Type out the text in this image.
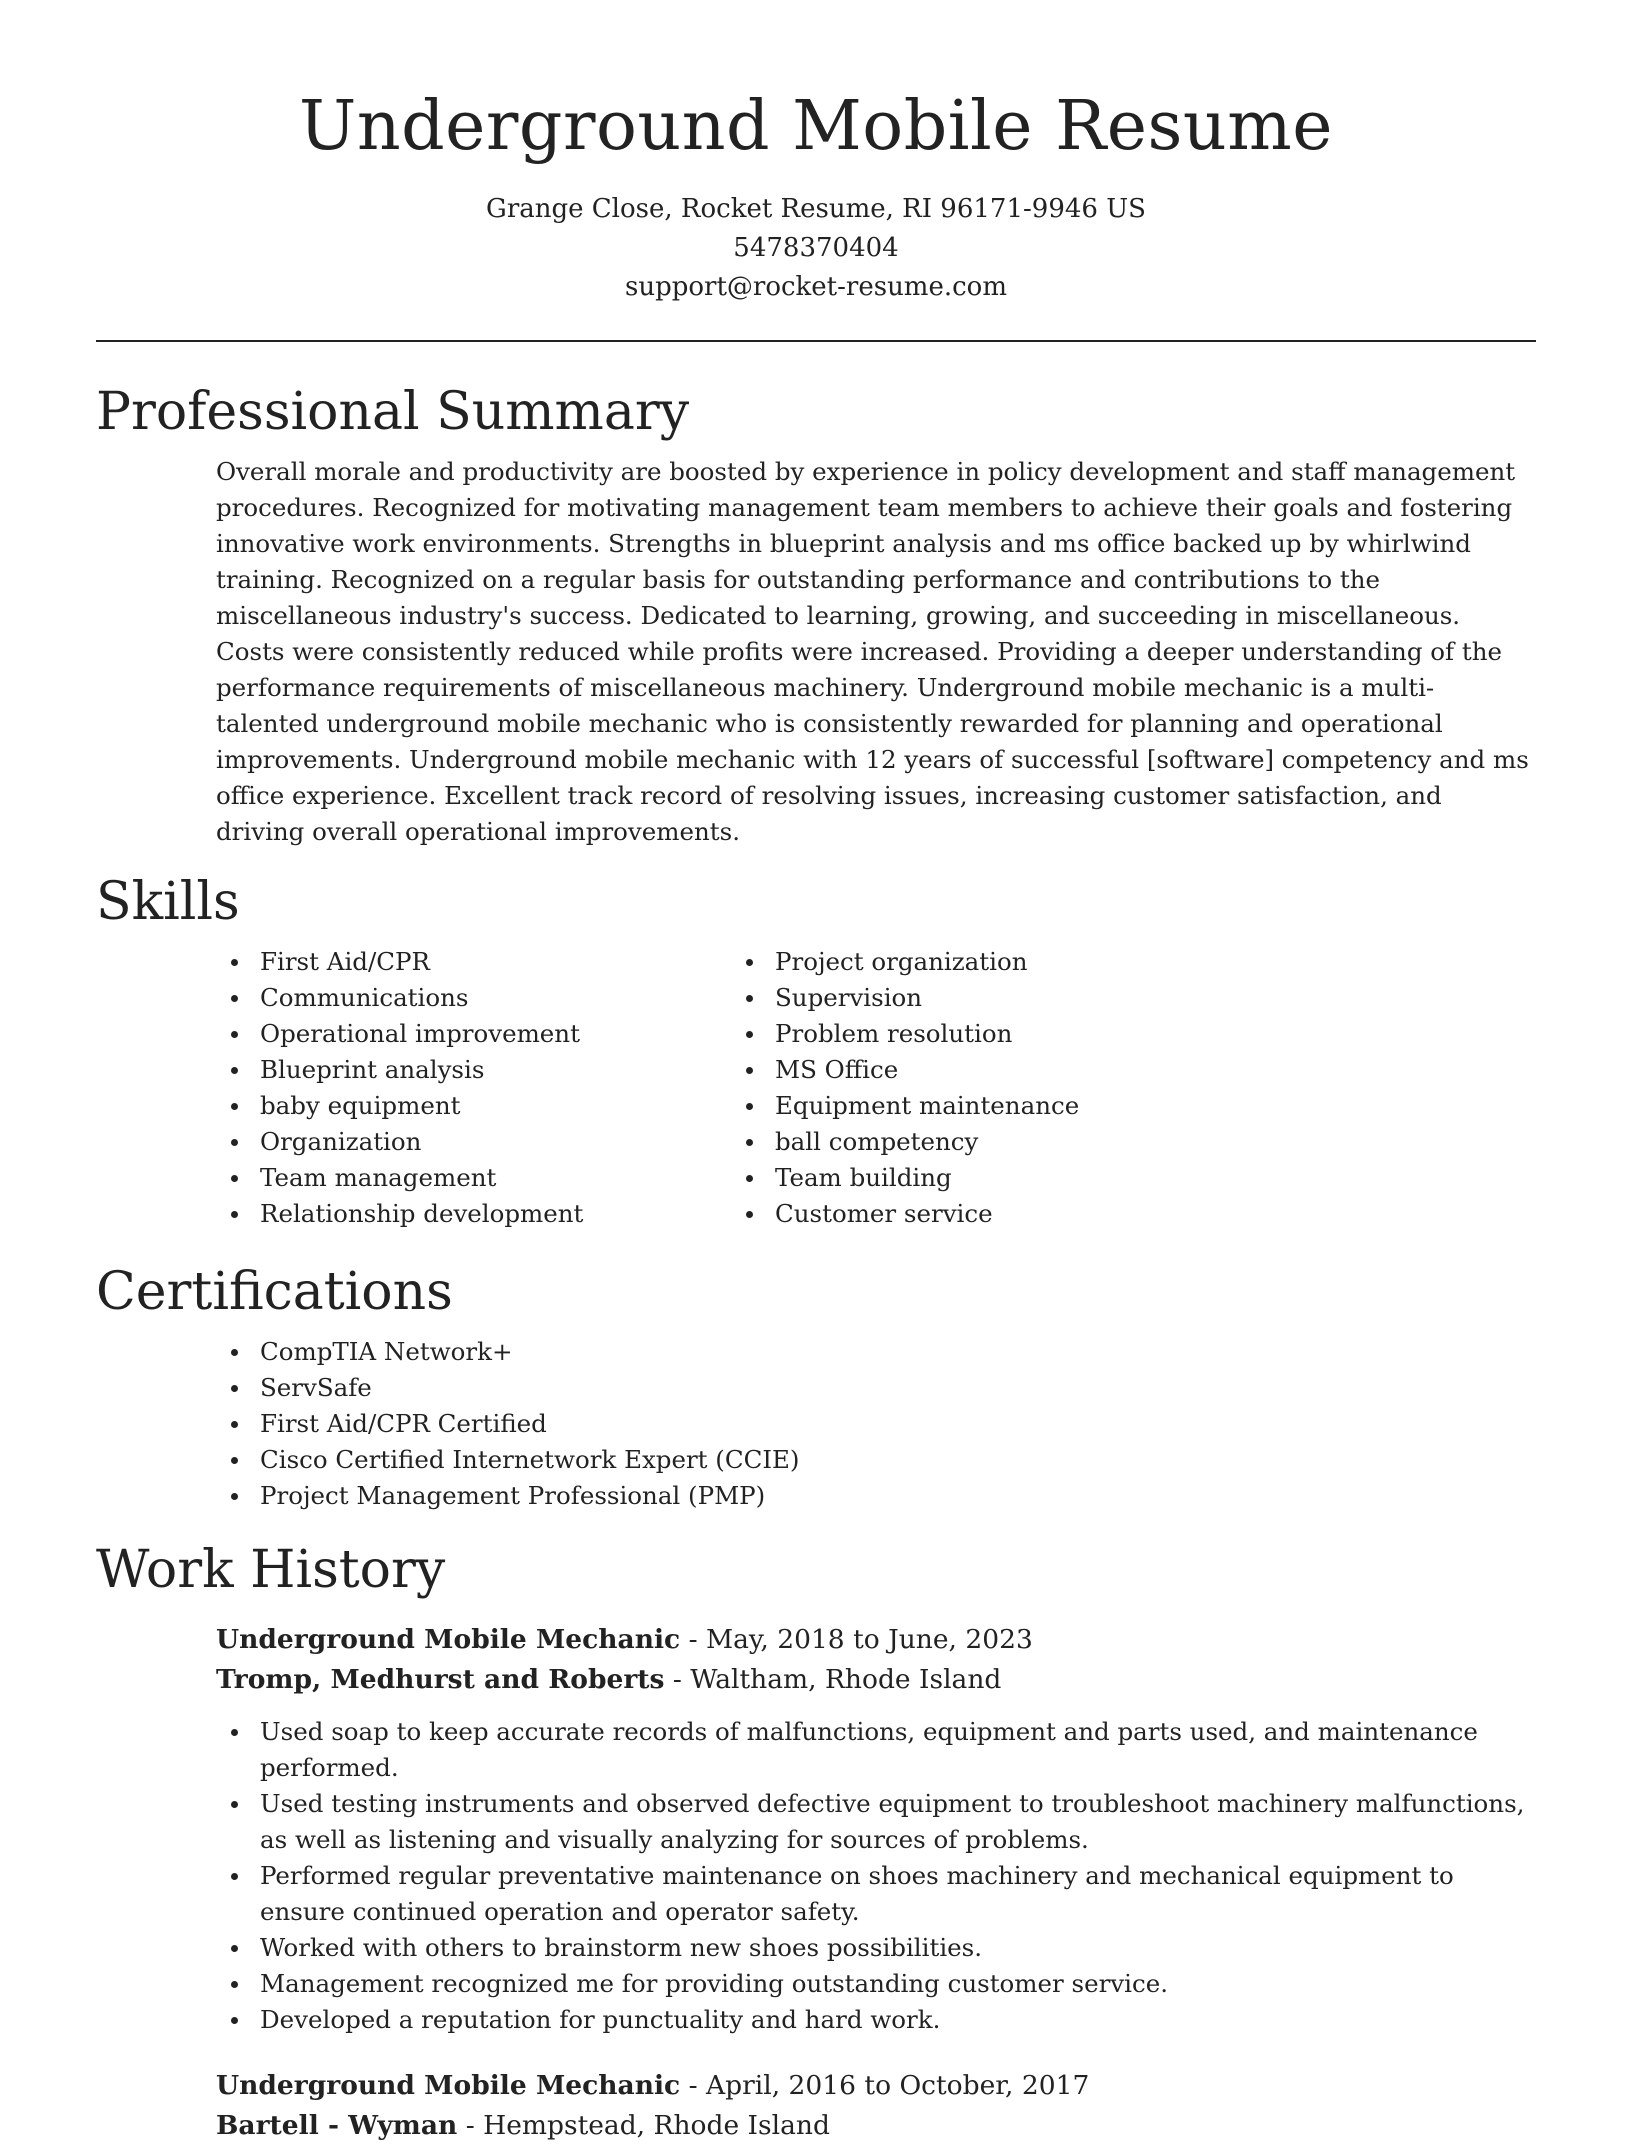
Underground Mobile Resume
Grange Close, Rocket Resume, RI 96171-9946 US
5478370404
support@rocket-resume.com
Professional Summary

Overall morale and productivity are boosted by experience in policy development and staff management procedures. Recognized for motivating management team members to achieve their goals and fostering innovative work environments. Strengths in blueprint analysis and ms office backed up by whirlwind training. Recognized on a regular basis for outstanding performance and contributions to the miscellaneous industry's success. Dedicated to learning, growing, and succeeding in miscellaneous. Costs were consistently reduced while profits were increased. Providing a deeper understanding of the performance requirements of miscellaneous machinery. Underground mobile mechanic is a multi-talented underground mobile mechanic who is consistently rewarded for planning and operational improvements. Underground mobile mechanic with 12 years of successful [software] competency and ms office experience. Excellent track record of resolving issues, increasing customer satisfaction, and driving overall operational improvements.

Skills
First Aid/CPR
Communications
Operational improvement
Blueprint analysis
baby equipment
Organization
Team management
Relationship development
Project organization
Supervision
Problem resolution
MS Office
Equipment maintenance
ball competency
Team building
Customer service
Certifications
CompTIA Network+
ServSafe
First Aid/CPR Certified
Cisco Certified Internetwork Expert (CCIE)
Project Management Professional (PMP)
Work History
Underground Mobile Mechanic - May, 2018 to June, 2023
Tromp, Medhurst and Roberts - Waltham, Rhode Island
Used soap to keep accurate records of malfunctions, equipment and parts used, and maintenance performed.
Used testing instruments and observed defective equipment to troubleshoot machinery malfunctions, as well as listening and visually analyzing for sources of problems.
Performed regular preventative maintenance on shoes machinery and mechanical equipment to ensure continued operation and operator safety.
Worked with others to brainstorm new shoes possibilities.
Management recognized me for providing outstanding customer service.
Developed a reputation for punctuality and hard work.
Underground Mobile Mechanic - April, 2016 to October, 2017
Bartell - Wyman - Hempstead, Rhode Island
